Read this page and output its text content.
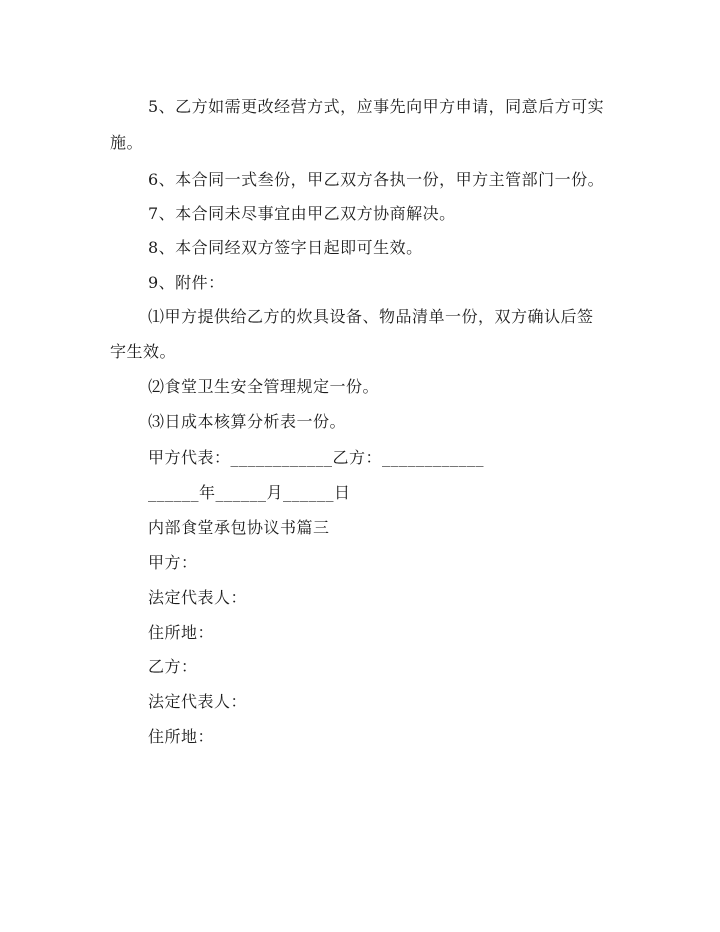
5、乙方如需更改经营方式，应事先向甲方申请，同意后方可实
施。
6、本合同一式叁份，甲乙双方各执一份，甲方主管部门一份。
7、本合同未尽事宜由甲乙双方协商解决。
8、本合同经双方签字日起即可生效。
9、附件：
⑴甲方提供给乙方的炊具设备、物品清单一份，双方确认后签
字生效。
⑵食堂卫生安全管理规定一份。
⑶日成本核算分析表一份。
甲方代表：____________乙方：____________
______年______月______日
内部食堂承包协议书篇三
甲方：
法定代表人：
住所地：
乙方：
法定代表人：
住所地：
